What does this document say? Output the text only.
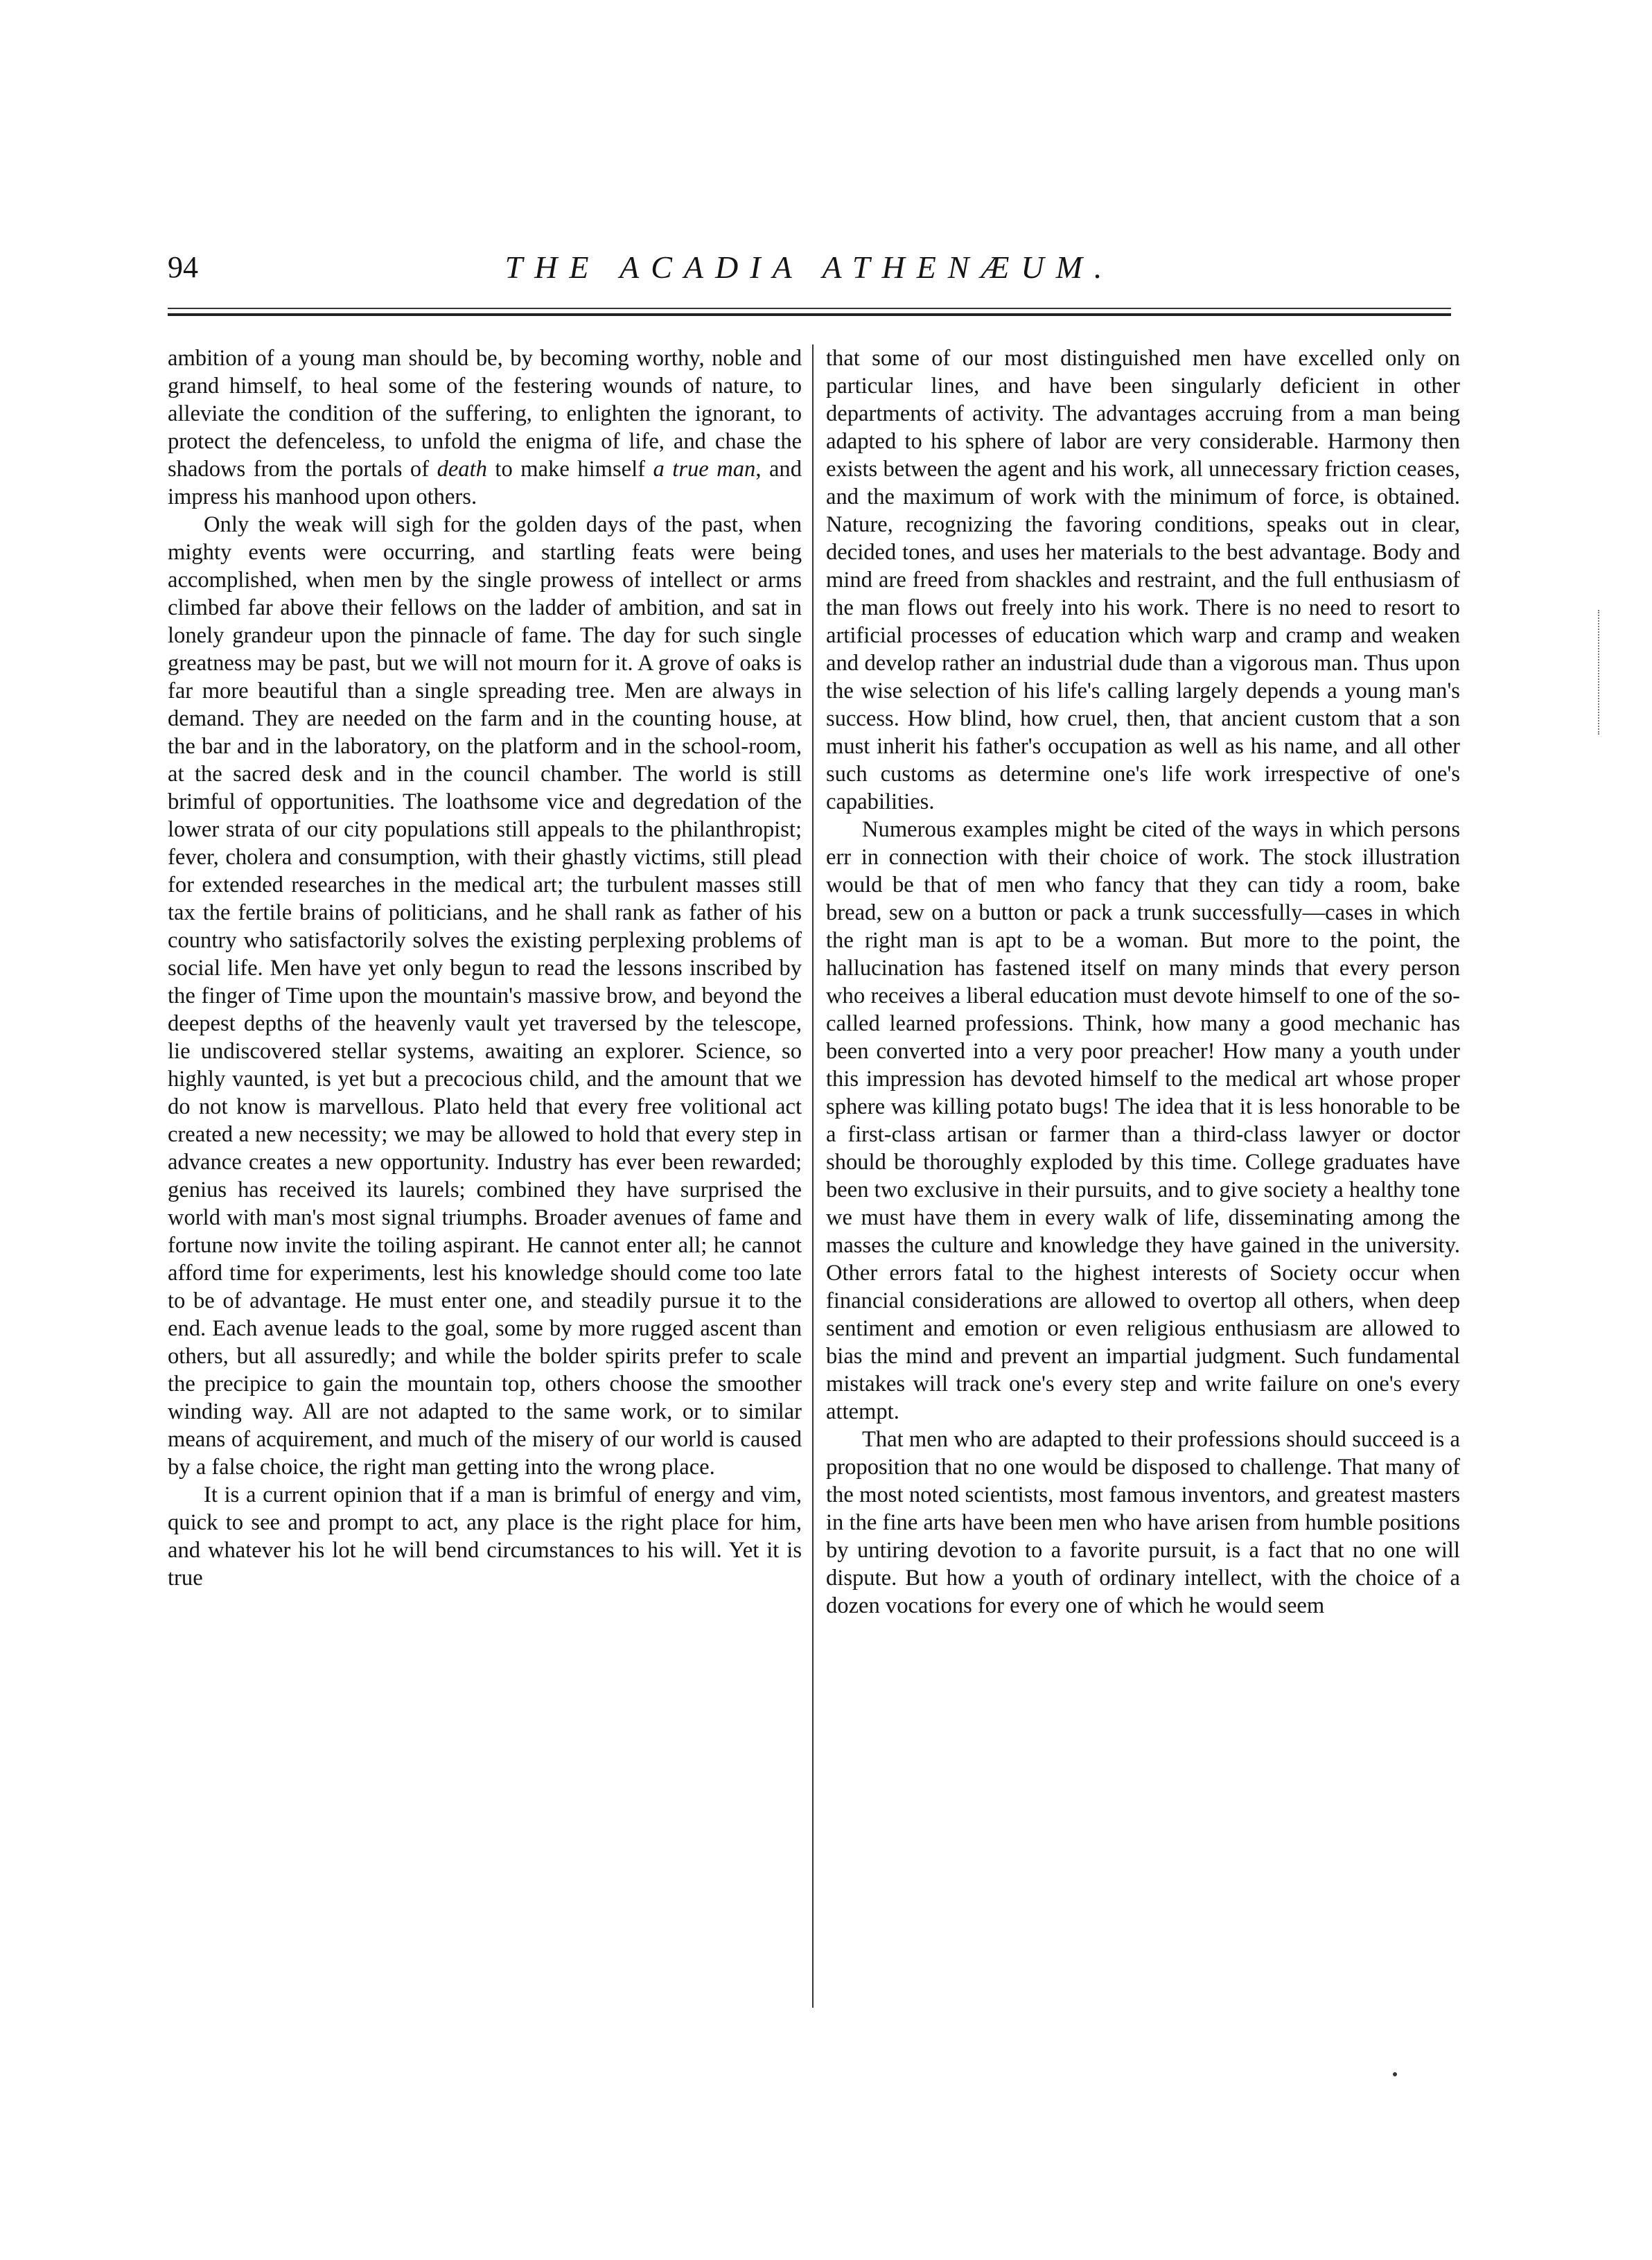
94	THE ACADIA ATHENÆUM.

ambition of a young man should be, by becoming worthy, noble and grand himself, to heal some of the festering wounds of nature, to alleviate the condition of the suffering, to enlighten the ignorant, to protect the defenceless, to unfold the enigma of life, and chase the shadows from the portals of death to make himself a true man, and impress his manhood upon others.

Only the weak will sigh for the golden days of the past, when mighty events were occurring, and startling feats were being accomplished, when men by the single prowess of intellect or arms climbed far above their fellows on the ladder of ambition, and sat in lonely grandeur upon the pinnacle of fame. The day for such single greatness may be past, but we will not mourn for it. A grove of oaks is far more beautiful than a single spreading tree. Men are always in demand. They are needed on the farm and in the counting house, at the bar and in the laboratory, on the platform and in the school-room, at the sacred desk and in the council chamber. The world is still brimful of opportunities. The loathsome vice and degredation of the lower strata of our city populations still appeals to the philanthropist; fever, cholera and consumption, with their ghastly victims, still plead for extended researches in the medical art; the turbulent masses still tax the fertile brains of politicians, and he shall rank as father of his country who satisfactorily solves the existing perplexing problems of social life. Men have yet only begun to read the lessons inscribed by the finger of Time upon the mountain's massive brow, and beyond the deepest depths of the heavenly vault yet traversed by the telescope, lie undiscovered stellar systems, awaiting an explorer. Science, so highly vaunted, is yet but a precocious child, and the amount that we do not know is marvellous. Plato held that every free volitional act created a new necessity; we may be allowed to hold that every step in advance creates a new opportunity. Industry has ever been rewarded; genius has received its laurels; combined they have surprised the world with man's most signal triumphs. Broader avenues of fame and fortune now invite the toiling aspirant. He cannot enter all; he cannot afford time for experiments, lest his knowledge should come too late to be of advantage. He must enter one, and steadily pursue it to the end. Each avenue leads to the goal, some by more rugged ascent than others, but all assuredly; and while the bolder spirits prefer to scale the precipice to gain the mountain top, others choose the smoother winding way. All are not adapted to the same work, or to similar means of acquirement, and much of the misery of our world is caused by a false choice, the right man getting into the wrong place.

It is a current opinion that if a man is brimful of energy and vim, quick to see and prompt to act, any place is the right place for him, and whatever his lot he will bend circumstances to his will. Yet it is true

that some of our most distinguished men have excelled only on particular lines, and have been singularly deficient in other departments of activity. The advantages accruing from a man being adapted to his sphere of labor are very considerable. Harmony then exists between the agent and his work, all unnecessary friction ceases, and the maximum of work with the minimum of force, is obtained. Nature, recognizing the favoring conditions, speaks out in clear, decided tones, and uses her materials to the best advantage. Body and mind are freed from shackles and restraint, and the full enthusiasm of the man flows out freely into his work. There is no need to resort to artificial processes of education which warp and cramp and weaken and develop rather an industrial dude than a vigorous man. Thus upon the wise selection of his life's calling largely depends a young man's success. How blind, how cruel, then, that ancient custom that a son must inherit his father's occupation as well as his name, and all other such customs as determine one's life work irrespective of one's capabilities.

Numerous examples might be cited of the ways in which persons err in connection with their choice of work. The stock illustration would be that of men who fancy that they can tidy a room, bake bread, sew on a button or pack a trunk successfully—cases in which the right man is apt to be a woman. But more to the point, the hallucination has fastened itself on many minds that every person who receives a liberal education must devote himself to one of the so-called learned professions. Think, how many a good mechanic has been converted into a very poor preacher! How many a youth under this impression has devoted himself to the medical art whose proper sphere was killing potato bugs! The idea that it is less honorable to be a first-class artisan or farmer than a third-class lawyer or doctor should be thoroughly exploded by this time. College graduates have been two exclusive in their pursuits, and to give society a healthy tone we must have them in every walk of life, disseminating among the masses the culture and knowledge they have gained in the university. Other errors fatal to the highest interests of Society occur when financial considerations are allowed to overtop all others, when deep sentiment and emotion or even religious enthusiasm are allowed to bias the mind and prevent an impartial judgment. Such fundamental mistakes will track one's every step and write failure on one's every attempt.

That men who are adapted to their professions should succeed is a proposition that no one would be disposed to challenge. That many of the most noted scientists, most famous inventors, and greatest masters in the fine arts have been men who have arisen from humble positions by untiring devotion to a favorite pursuit, is a fact that no one will dispute. But how a youth of ordinary intellect, with the choice of a dozen vocations for every one of which he would seem
